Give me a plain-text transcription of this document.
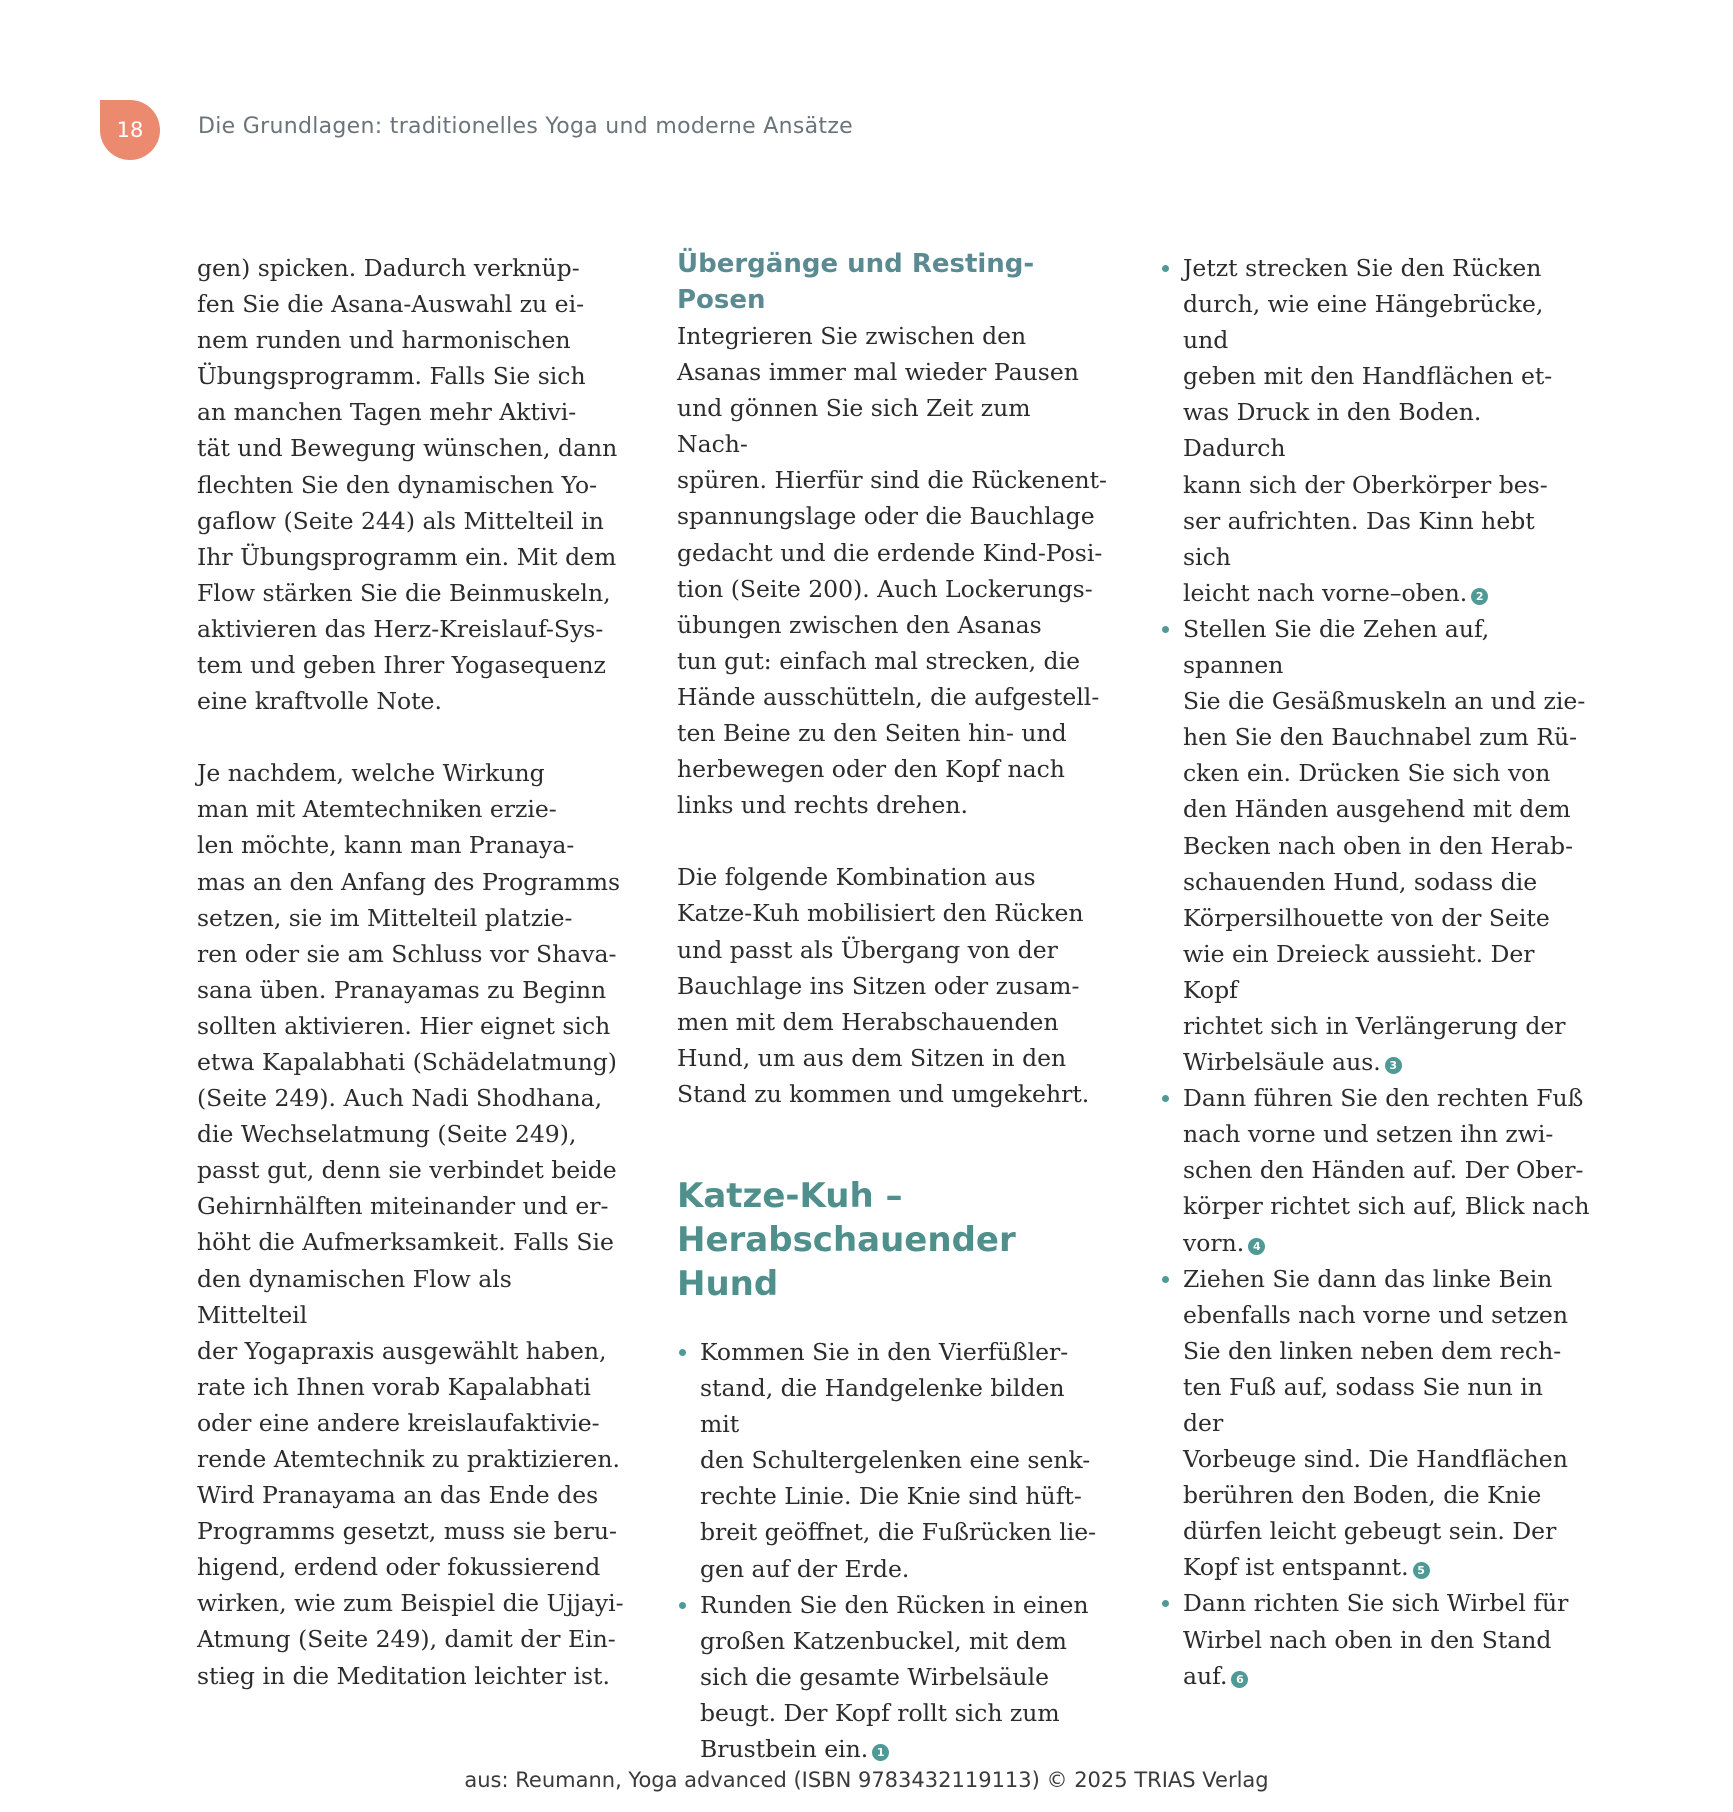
18 Die Grundlagen: traditionelles Yoga und moderne Ansätze

gen) spicken. Dadurch verknüp-
fen Sie die Asana-Auswahl zu ei-
nem runden und harmonischen
Übungsprogramm. Falls Sie sich
an manchen Tagen mehr Aktivi-
tät und Bewegung wünschen, dann
flechten Sie den dynamischen Yo-
gaflow (Seite 244) als Mittelteil in
Ihr Übungsprogramm ein. Mit dem
Flow stärken Sie die Beinmuskeln,
aktivieren das Herz-Kreislauf-Sys-
tem und geben Ihrer Yogasequenz
eine kraftvolle Note.

Je nachdem, welche Wirkung
man mit Atemtechniken erzie-
len möchte, kann man Pranaya-
mas an den Anfang des Programms
setzen, sie im Mittelteil platzie-
ren oder sie am Schluss vor Shava-
sana üben. Pranayamas zu Beginn
sollten aktivieren. Hier eignet sich
etwa Kapalabhati (Schädelatmung)
(Seite 249). Auch Nadi Shodhana,
die Wechselatmung (Seite 249),
passt gut, denn sie verbindet beide
Gehirnhälften miteinander und er-
höht die Aufmerksamkeit. Falls Sie
den dynamischen Flow als Mittelteil
der Yogapraxis ausgewählt haben,
rate ich Ihnen vorab Kapalabhati
oder eine andere kreislaufaktivie-
rende Atemtechnik zu praktizieren.
Wird Pranayama an das Ende des
Programms gesetzt, muss sie beru-
higend, erdend oder fokussierend
wirken, wie zum Beispiel die Ujjayi-
Atmung (Seite 249), damit der Ein-
stieg in die Meditation leichter ist.

Übergänge und Resting-Posen

Integrieren Sie zwischen den
Asanas immer mal wieder Pausen
und gönnen Sie sich Zeit zum Nach-
spüren. Hierfür sind die Rückenent-
spannungslage oder die Bauchlage
gedacht und die erdende Kind-Posi-
tion (Seite 200). Auch Lockerungs-
übungen zwischen den Asanas
tun gut: einfach mal strecken, die
Hände ausschütteln, die aufgestell-
ten Beine zu den Seiten hin- und
herbewegen oder den Kopf nach
links und rechts drehen.

Die folgende Kombination aus
Katze-Kuh mobilisiert den Rücken
und passt als Übergang von der
Bauchlage ins Sitzen oder zusam-
men mit dem Herabschauenden
Hund, um aus dem Sitzen in den
Stand zu kommen und umgekehrt.

Katze-Kuh –
Herabschauender Hund
Kommen Sie in den Vierfüßler-
stand, die Handgelenke bilden mit
den Schultergelenken eine senk-
rechte Linie. Die Knie sind hüft-
breit geöffnet, die Fußrücken lie-
gen auf der Erde.
Runden Sie den Rücken in einen
großen Katzenbuckel, mit dem
sich die gesamte Wirbelsäule
beugt. Der Kopf rollt sich zum
Brustbein ein. 1
Jetzt strecken Sie den Rücken
durch, wie eine Hängebrücke, und
geben mit den Handflächen et-
was Druck in den Boden. Dadurch
kann sich der Oberkörper bes-
ser aufrichten. Das Kinn hebt sich
leicht nach vorne–oben. 2
Stellen Sie die Zehen auf, spannen
Sie die Gesäßmuskeln an und zie-
hen Sie den Bauchnabel zum Rü-
cken ein. Drücken Sie sich von
den Händen ausgehend mit dem
Becken nach oben in den Herab-
schauenden Hund, sodass die
Körpersilhouette von der Seite
wie ein Dreieck aussieht. Der Kopf
richtet sich in Verlängerung der
Wirbelsäule aus. 3
Dann führen Sie den rechten Fuß
nach vorne und setzen ihn zwi-
schen den Händen auf. Der Ober-
körper richtet sich auf, Blick nach
vorn. 4
Ziehen Sie dann das linke Bein
ebenfalls nach vorne und setzen
Sie den linken neben dem rech-
ten Fuß auf, sodass Sie nun in der
Vorbeuge sind. Die Handflächen
berühren den Boden, die Knie
dürfen leicht gebeugt sein. Der
Kopf ist entspannt. 5
Dann richten Sie sich Wirbel für
Wirbel nach oben in den Stand
auf. 6
aus: Reumann, Yoga advanced (ISBN 9783432119113) © 2025 TRIAS Verlag
